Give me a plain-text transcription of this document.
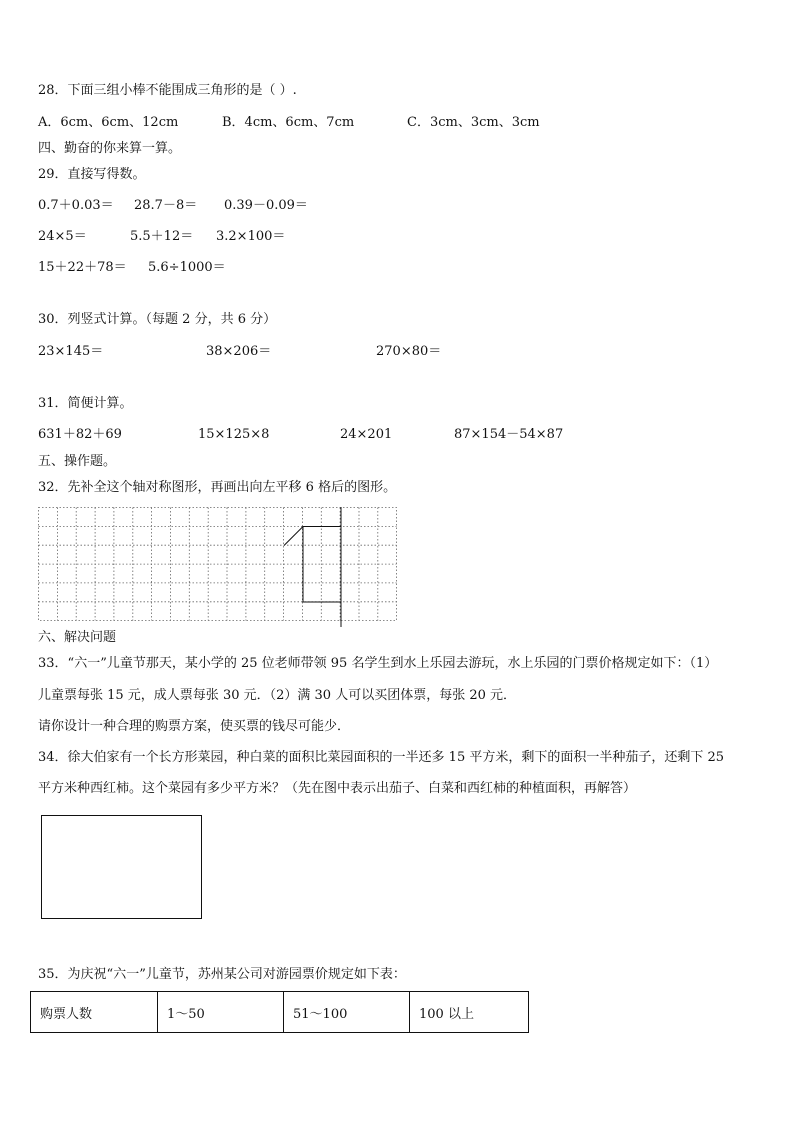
28．下面三组小棒不能围成三角形的是（ ）.
A．6cm、6cm、12cm	B．4cm、6cm、7cm	C．3cm、3cm、3cm
四、勤奋的你来算一算。
29．直接写得数。
0.7＋0.03＝ 28.7－8＝ 0.39－0.09＝
24×5＝	5.5＋12＝ 3.2×100＝
15＋22＋78＝ 5.6÷1000＝
30．列竖式计算。（每题 2 分，共 6 分）
23×145＝	38×206＝	270×80＝
31．简便计算。
631＋82＋69	15×125×8	24×201	87×154－54×87
五、操作题。
32．先补全这个轴对称图形，再画出向左平移 6 格后的图形。
六、解决问题
33．“六一”儿童节那天，某小学的 25 位老师带领 95 名学生到水上乐园去游玩，水上乐园的门票价格规定如下：（1）
儿童票每张 15 元，成人票每张 30 元．（2）满 30 人可以买团体票，每张 20 元．
请你设计一种合理的购票方案，使买票的钱尽可能少．
34．徐大伯家有一个长方形菜园，种白菜的面积比菜园面积的一半还多 15 平方米，剩下的面积一半种茄子，还剩下 25
平方米种西红柿。这个菜园有多少平方米？（先在图中表示出茄子、白菜和西红柿的种植面积，再解答）
35．为庆祝“六一”儿童节，苏州某公司对游园票价规定如下表：
购票人数	1～50	51～100	100 以上
